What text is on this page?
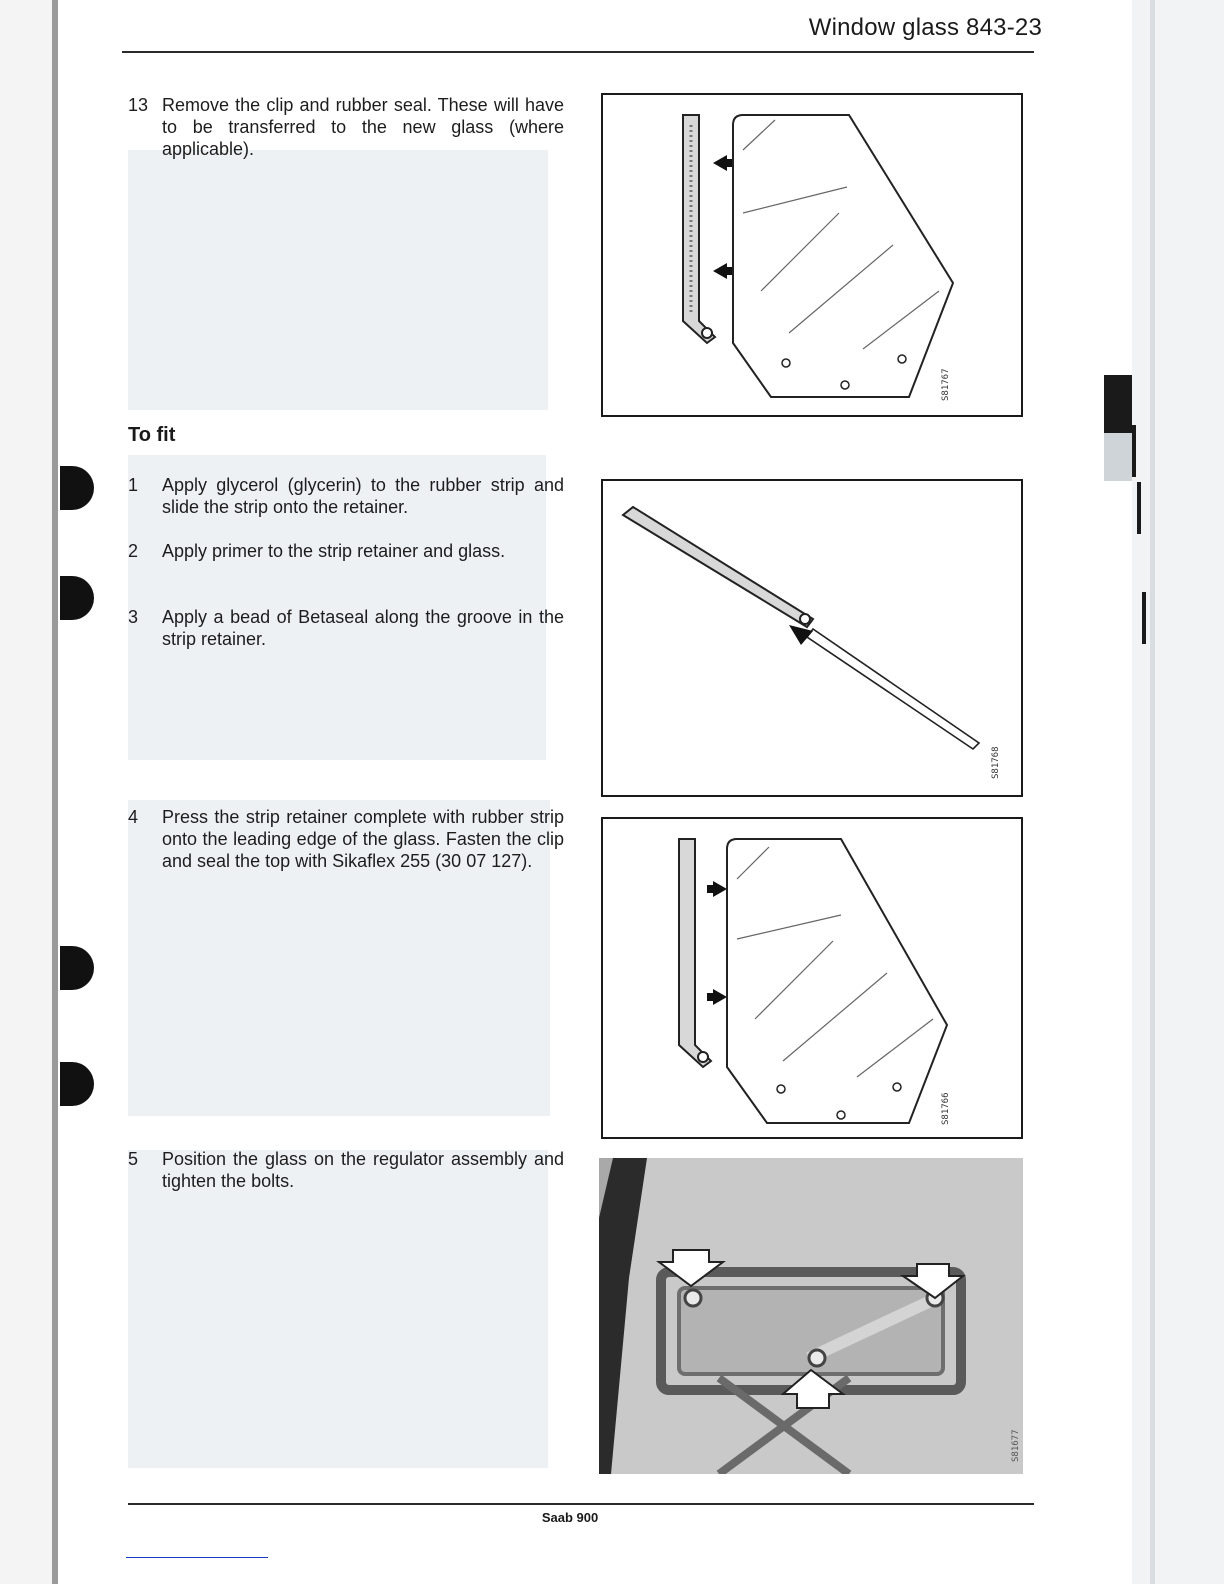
Window glass 843-23
13 Remove the clip and rubber seal. These will have to be transferred to the new glass (where applicable).
To fit
1 Apply glycerol (glycerin) to the rubber strip and slide the strip onto the retainer.
2 Apply primer to the strip retainer and glass.
3 Apply a bead of Betaseal along the groove in the strip retainer.
4 Press the strip retainer complete with rubber strip onto the leading edge of the glass. Fasten the clip and seal the top with Sikaflex 255 (30 07 127).
5 Position the glass on the regulator assembly and tighten the bolts.
S81767
S81768
S81766
S81677
Saab 900
